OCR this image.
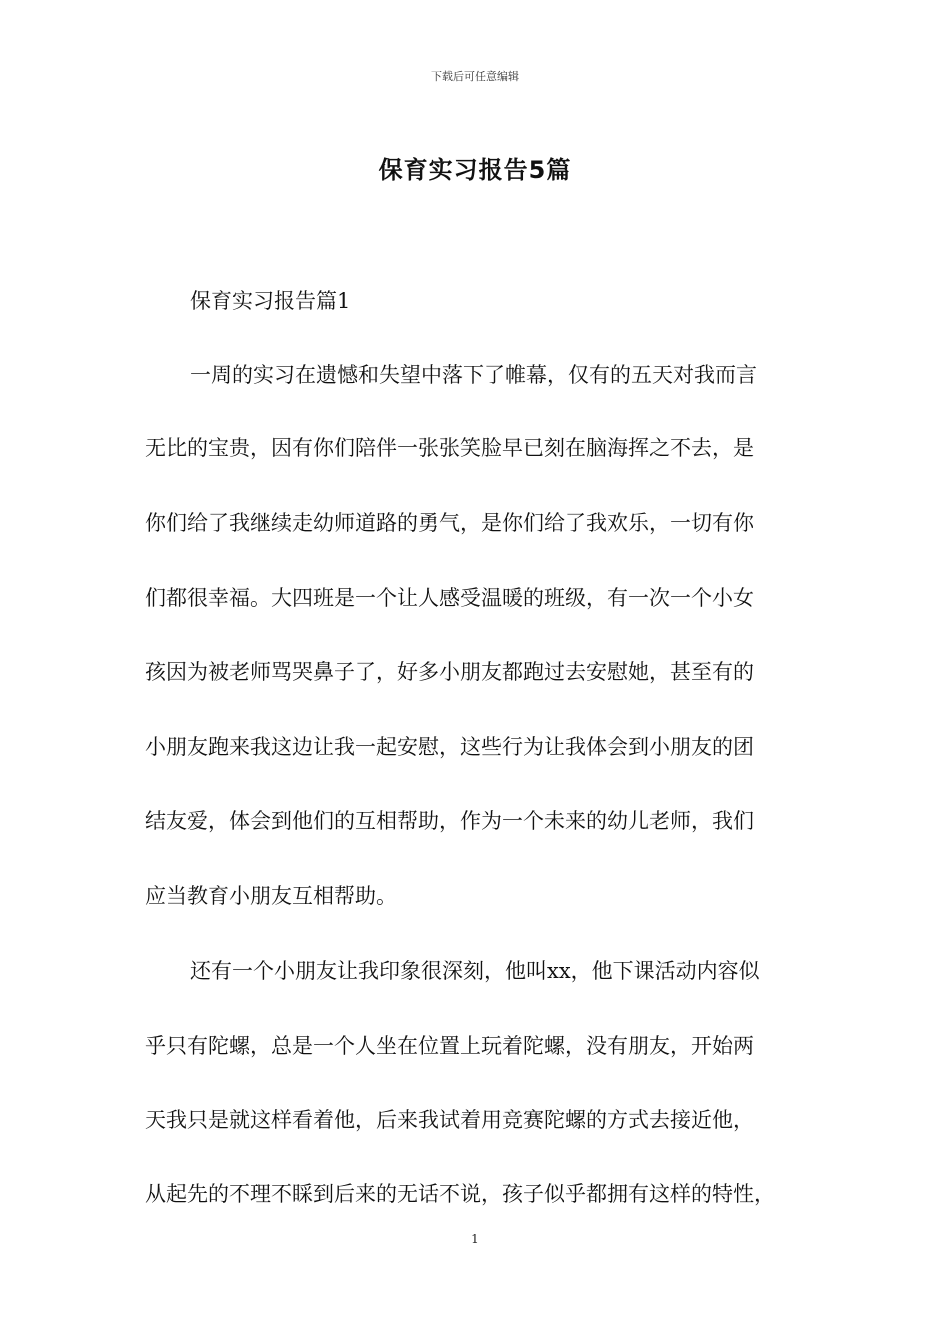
下载后可任意编辑
保育实习报告5篇
保育实习报告篇1
一周的实习在遗憾和失望中落下了帷幕，仅有的五天对我而言
无比的宝贵，因有你们陪伴一张张笑脸早已刻在脑海挥之不去，是
你们给了我继续走幼师道路的勇气，是你们给了我欢乐，一切有你
们都很幸福。大四班是一个让人感受温暖的班级，有一次一个小女
孩因为被老师骂哭鼻子了，好多小朋友都跑过去安慰她，甚至有的
小朋友跑来我这边让我一起安慰，这些行为让我体会到小朋友的团
结友爱，体会到他们的互相帮助，作为一个未来的幼儿老师，我们
应当教育小朋友互相帮助。
还有一个小朋友让我印象很深刻，他叫xx，他下课活动内容似
乎只有陀螺，总是一个人坐在位置上玩着陀螺，没有朋友，开始两
天我只是就这样看着他，后来我试着用竞赛陀螺的方式去接近他，
从起先的不理不睬到后来的无话不说，孩子似乎都拥有这样的特性，
1
